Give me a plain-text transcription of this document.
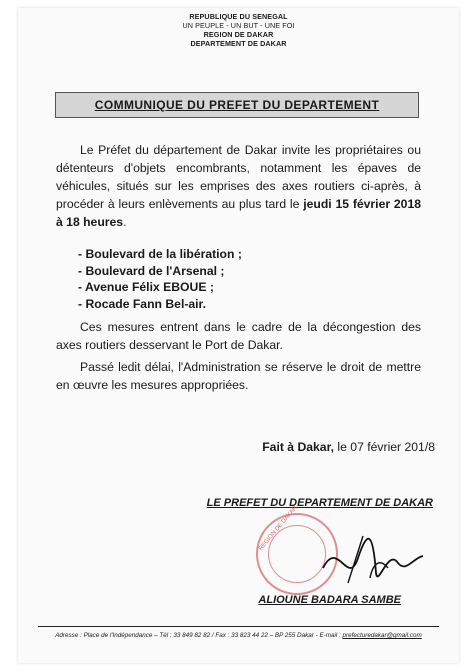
REPUBLIQUE DU SENEGAL
UN PEUPLE - UN BUT - UNE FOI
REGION DE DAKAR
DEPARTEMENT DE DAKAR
COMMUNIQUE DU PREFET DU DEPARTEMENT
Le Préfet du département de Dakar invite les propriétaires ou détenteurs d'objets encombrants, notamment les épaves de véhicules, situés sur les emprises des axes routiers ci-après, à procéder à leurs enlèvements au plus tard le jeudi 15 février 2018 à 18 heures.
- Boulevard de la libération ;
- Boulevard de l'Arsenal ;
- Avenue Félix EBOUE ;
- Rocade Fann Bel-air.
Ces mesures entrent dans le cadre de la décongestion des axes routiers desservant le Port de Dakar.
Passé ledit délai, l'Administration se réserve le droit de mettre en œuvre les mesures appropriées.
Fait à Dakar, le 07 février 201/8
LE PREFET DU DEPARTEMENT DE DAKAR
REGION DE DAKAR
ALIOUNE BADARA SAMBE
Adresse : Place de l'Indépendance – Tél : 33 849 82 82 / Fax : 33 823 44 22 – BP 255 Dakar - E-mail : prefecturedakar@gmail.com
